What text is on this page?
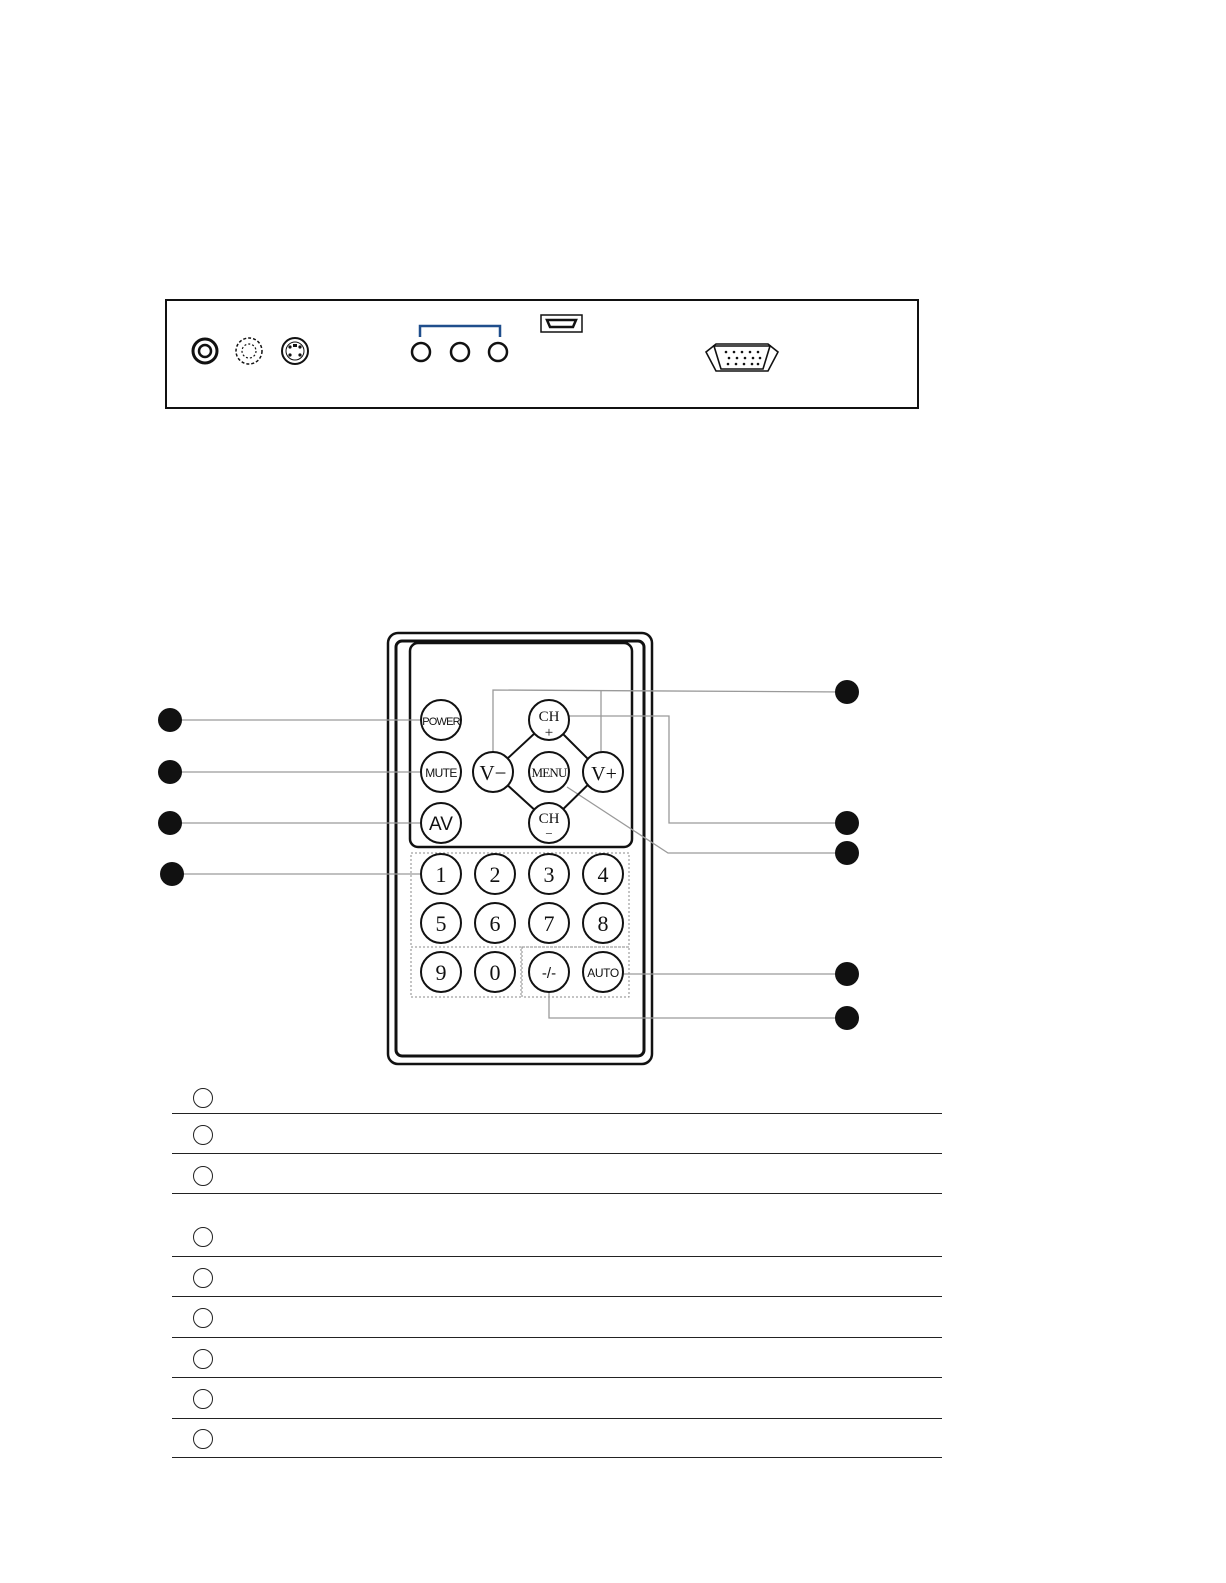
POWER
MUTE
AV
CH
+
V− MENU V+
CH
−
1 2 3 4
5 6 7 8
9 0	-/-	AUTO
